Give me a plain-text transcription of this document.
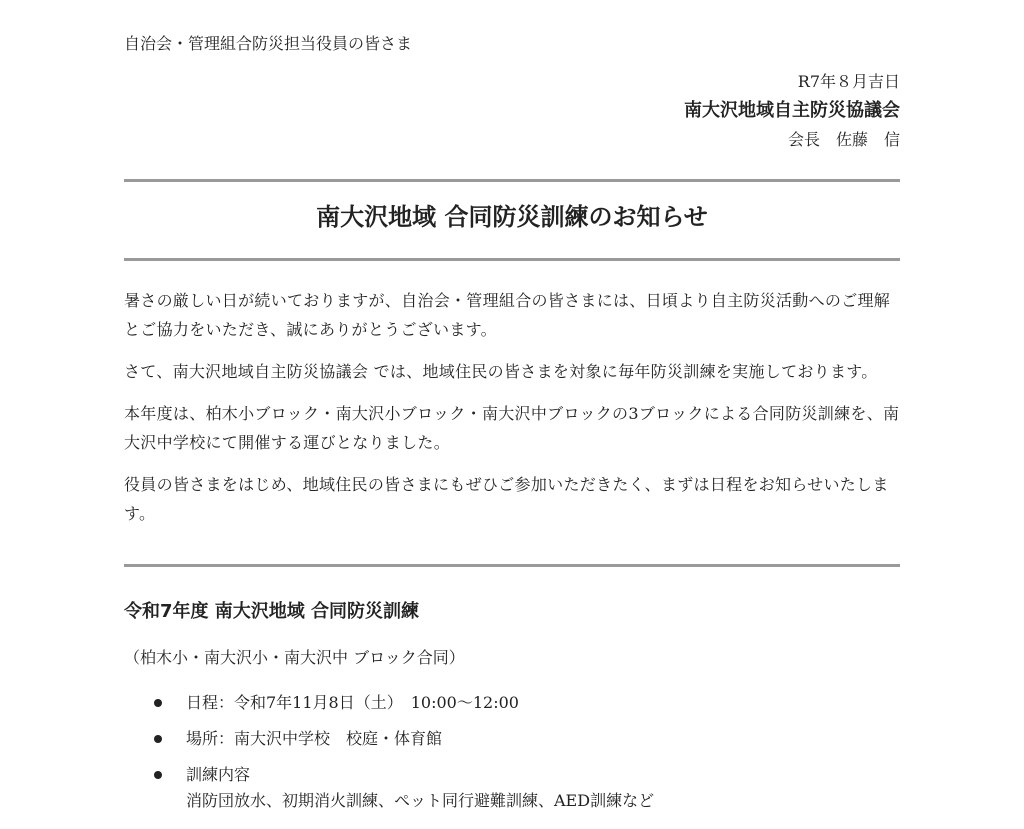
自治会・管理組合防災担当役員の皆さま
R7年８月吉日
南大沢地域自主防災協議会
会長　佐藤　信
南大沢地域 合同防災訓練のお知らせ

暑さの厳しい日が続いておりますが、自治会・管理組合の皆さまには、日頃より自主防災活動へのご理解とご協力をいただき、誠にありがとうございます。

さて、南大沢地域自主防災協議会 では、地域住民の皆さまを対象に毎年防災訓練を実施しております。

本年度は、柏木小ブロック・南大沢小ブロック・南大沢中ブロックの3ブロックによる合同防災訓練を、南大沢中学校にて開催する運びとなりました。

役員の皆さまをはじめ、地域住民の皆さまにもぜひご参加いただきたく、まずは日程をお知らせいたします。

令和7年度 南大沢地域 合同防災訓練
（柏木小・南大沢小・南大沢中 ブロック合同）
日程：令和7年11月8日（土）　10:00～12:00
場所：南大沢中学校　校庭・体育館
訓練内容
消防団放水、初期消火訓練、ペット同行避難訓練、AED訓練など
